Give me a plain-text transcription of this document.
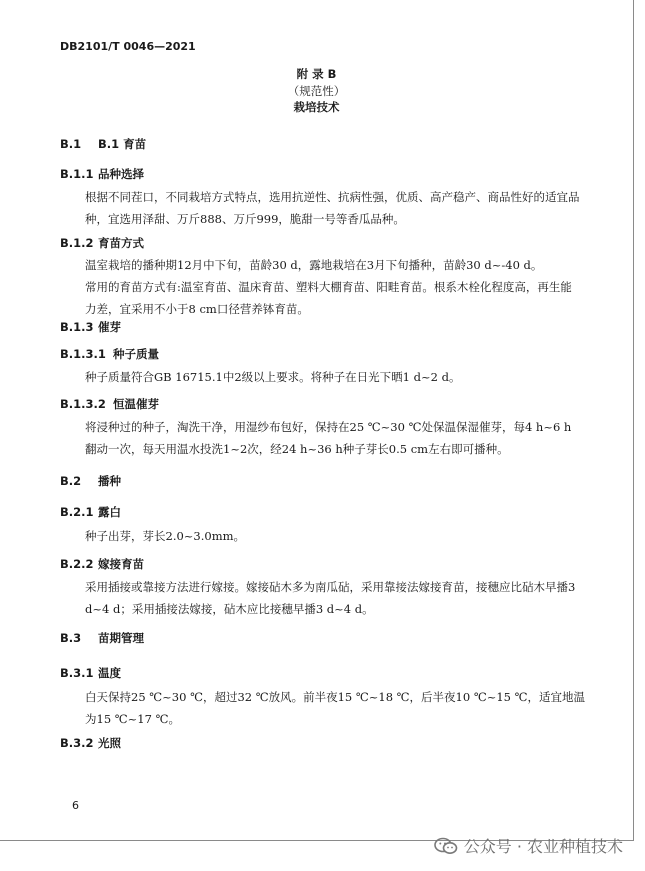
DB2101/T 0046—2021
附 录 B
（规范性）
栽培技术
B.1 B.1 育苗
B.1.1 品种选择
根据不同茬口，不同栽培方式特点，选用抗逆性、抗病性强，优质、高产稳产、商品性好的适宜品
种，宜选用泽甜、万斤888、万斤999，脆甜一号等香瓜品种。
B.1.2 育苗方式
温室栽培的播种期12月中下旬，苗龄30 d，露地栽培在3月下旬播种，苗龄30 d~-40 d。
常用的育苗方式有:温室育苗、温床育苗、塑料大棚育苗、阳畦育苗。根系木栓化程度高，再生能
力差，宜采用不小于8 cm口径营养钵育苗。
B.1.3 催芽
B.1.3.1 种子质量
种子质量符合GB 16715.1中2级以上要求。将种子在日光下晒1 d~2 d。
B.1.3.2 恒温催芽
将浸种过的种子，淘洗干净，用湿纱布包好，保持在25 ℃~30 ℃处保温保湿催芽，每4 h~6 h
翻动一次，每天用温水投洗1~2次，经24 h~36 h种子芽长0.5 cm左右即可播种。
B.2 播种
B.2.1 露白
种子出芽，芽长2.0~3.0mm。
B.2.2 嫁接育苗
采用插接或靠接方法进行嫁接。嫁接砧木多为南瓜砧，采用靠接法嫁接育苗，接穗应比砧木早播3
d~4 d；采用插接法嫁接，砧木应比接穗早播3 d~4 d。
B.3 苗期管理
B.3.1 温度
白天保持25 ℃~30 ℃，超过32 ℃放风。前半夜15 ℃~18 ℃，后半夜10 ℃~15 ℃，适宜地温
为15 ℃~17 ℃。
B.3.2 光照
6
公众号 · 农业种植技术
